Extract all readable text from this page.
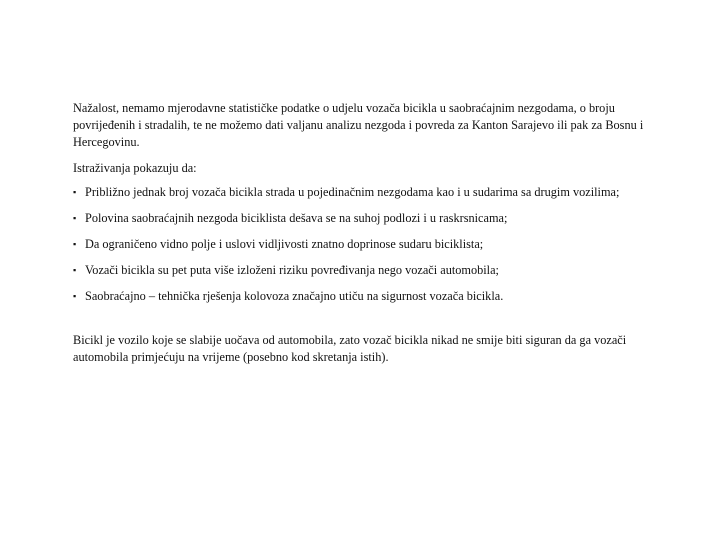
Nažalost, nemamo mjerodavne statističke podatke o udjelu vozača bicikla u saobraćajnim nezgodama, o broju povrijeđenih i stradalih, te ne možemo dati valjanu analizu nezgoda i povreda za Kanton Sarajevo ili pak za Bosnu i Hercegovinu.

Istraživanja pokazuju da:

▪ Približno jednak broj vozača bicikla strada u pojedinačnim nezgodama kao i u sudarima sa drugim vozilima;
▪ Polovina saobraćajnih nezgoda biciklista dešava se na suhoj podlozi i u raskrsnicama;
▪ Da ograničeno vidno polje i uslovi vidljivosti znatno doprinose sudaru biciklista;
▪ Vozači bicikla su pet puta više izloženi riziku povređivanja nego vozači automobila;
▪ Saobraćajno – tehnička rješenja kolovoza značajno utiču na sigurnost vozača bicikla.

Bicikl je vozilo koje se slabije uočava od automobila, zato vozač bicikla nikad ne smije biti siguran da ga vozači automobila primjećuju na vrijeme (posebno kod skretanja istih).
